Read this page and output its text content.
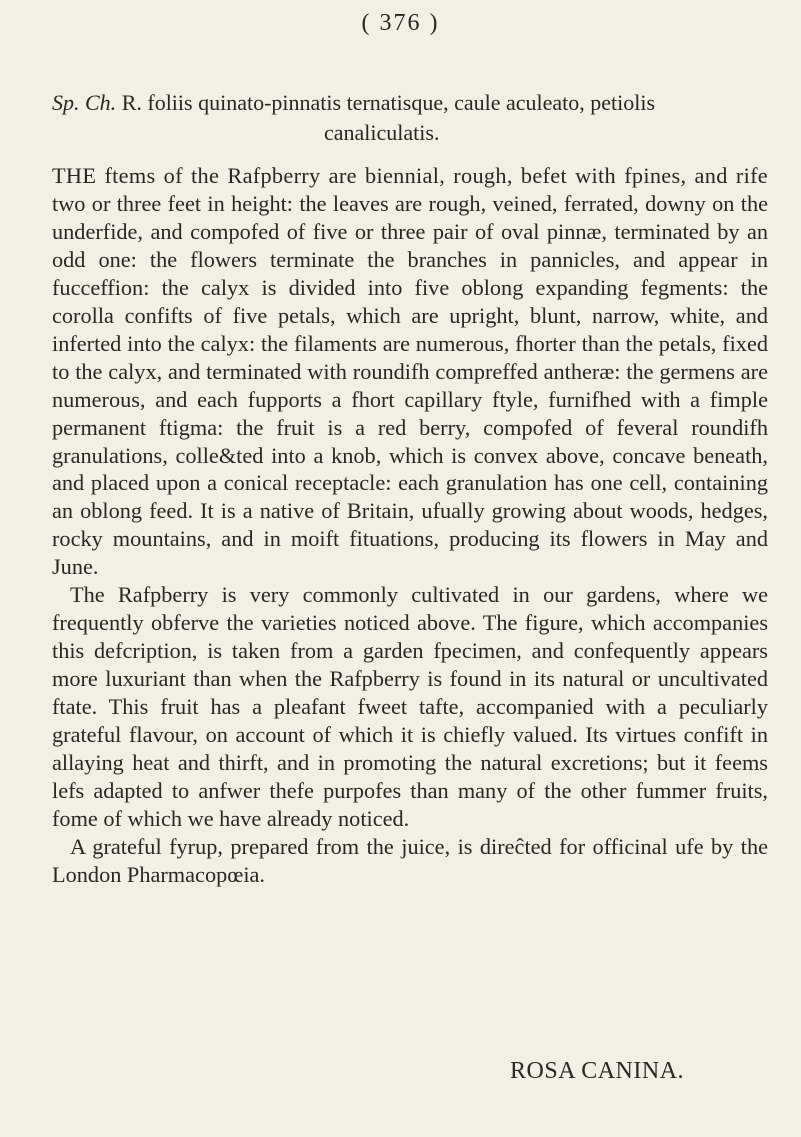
( 376 )
Sp. Ch. R. foliis quinato-pinnatis ternatisque, caule aculeato, petiolis
canaliculatis.

THE ftems of the Rafpberry are biennial, rough, befet with fpines, and rife two or three feet in height: the leaves are rough, veined, ferrated, downy on the underfide, and compofed of five or three pair of oval pinnæ, terminated by an odd one: the flowers terminate the branches in pannicles, and appear in fucceffion: the calyx is divided into five oblong expanding fegments: the corolla confifts of five petals, which are upright, blunt, narrow, white, and inferted into the calyx: the filaments are numerous, fhorter than the petals, fixed to the calyx, and terminated with roundifh compreffed antheræ: the germens are numerous, and each fupports a fhort capillary ftyle, furnifhed with a fimple permanent ftigma: the fruit is a red berry, compofed of feveral roundifh granulations, colle&ted into a knob, which is convex above, concave beneath, and placed upon a conical receptacle: each granulation has one cell, containing an oblong feed. It is a native of Britain, ufually growing about woods, hedges, rocky mountains, and in moift fituations, producing its flowers in May and June.

The Rafpberry is very commonly cultivated in our gardens, where we frequently obferve the varieties noticed above. The figure, which accompanies this defcription, is taken from a garden fpecimen, and confequently appears more luxuriant than when the Rafpberry is found in its natural or uncultivated ftate. This fruit has a pleafant fweet tafte, accompanied with a peculiarly grateful flavour, on account of which it is chiefly valued. Its virtues confift in allaying heat and thirft, and in promoting the natural excretions; but it feems lefs adapted to anfwer thefe purpofes than many of the other fummer fruits, fome of which we have already noticed.

A grateful fyrup, prepared from the juice, is direĉted for officinal ufe by the London Pharmacopœia.

ROSA CANINA.
